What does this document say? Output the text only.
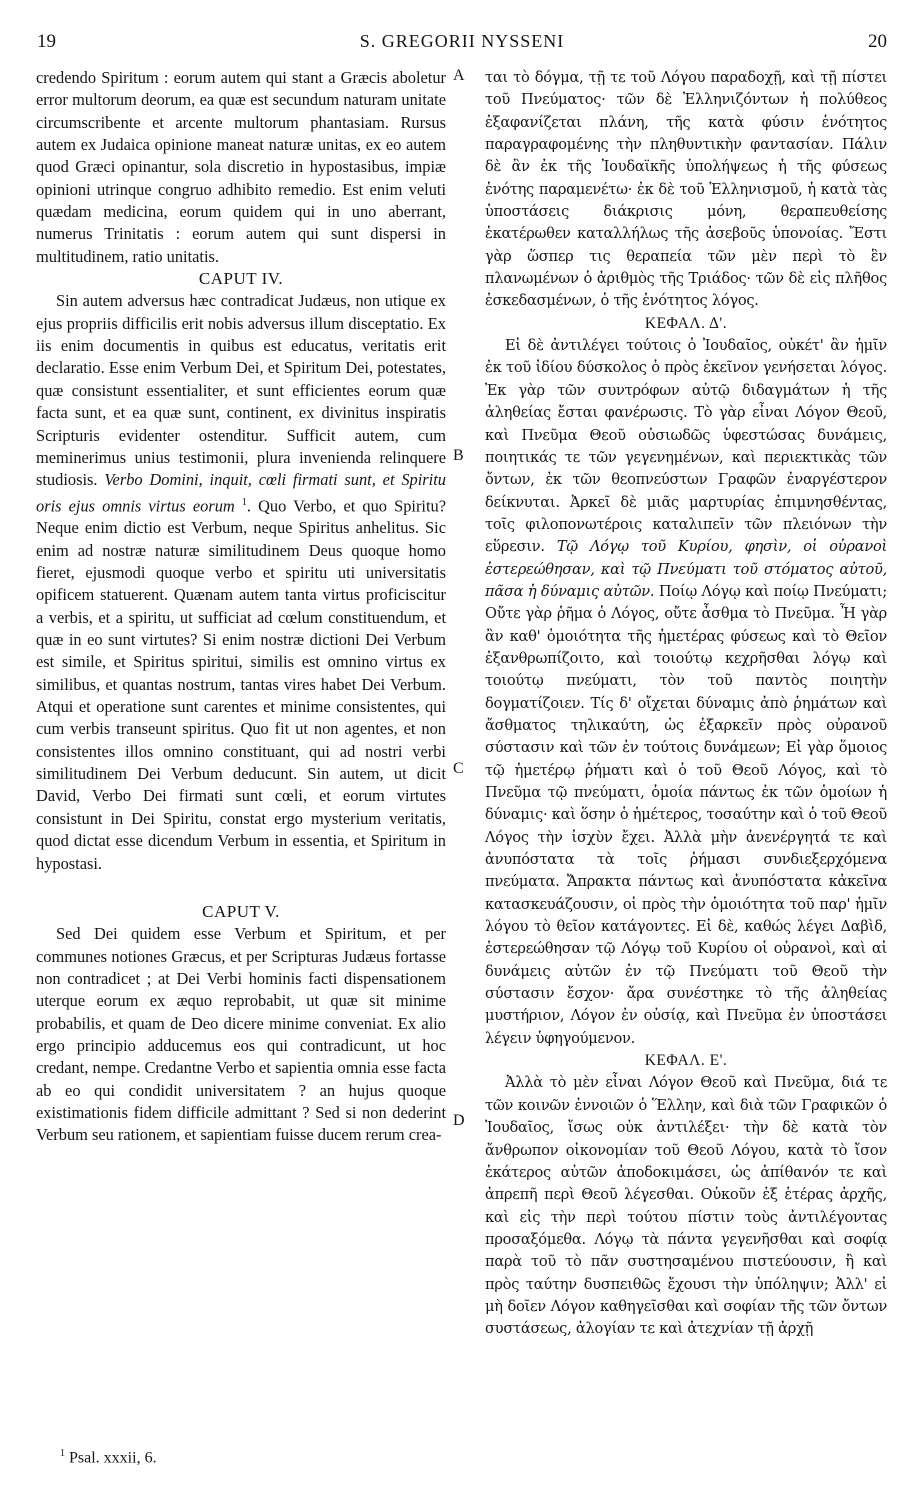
19	S. GREGORII NYSSENI	20

credendo Spiritum : eorum autem qui stant a Græcis aboletur error multorum deorum, ea quæ est secundum naturam unitate circumscribente et arcente multorum phantasiam. Rursus autem ex Judaica opinione maneat naturæ unitas, ex eo autem quod Græci opinantur, sola discretio in hypostasibus, impiæ opinioni utrinque congruo adhibito remedio. Est enim veluti quædam medicina, eorum quidem qui in uno aberrant, numerus Trinitatis : eorum autem qui sunt dispersi in multitudinem, ratio unitatis.

CAPUT IV.

Sin autem adversus hæc contradicat Judæus, non utique ex ejus propriis difficilis erit nobis adversus illum disceptatio. Ex iis enim documentis in quibus est educatus, veritatis erit declaratio. Esse enim Verbum Dei, et Spiritum Dei, potestates, quæ consistunt essentialiter, et sunt efficientes eorum quæ facta sunt, et ea quæ sunt, continent, ex divinitus inspiratis Scripturis evidenter ostenditur. Sufficit autem, cum meminerimus unius testimonii, plura invenienda relinquere studiosis. Verbo Domini, inquit, cœli firmati sunt, et Spiritu oris ejus omnis virtus eorum $^1$. Quo Verbo, et quo Spiritu? Neque enim dictio est Verbum, neque Spiritus anhelitus. Sic enim ad nostræ naturæ similitudinem Deus quoque homo fieret, ejusmodi quoque verbo et spiritu uti universitatis opificem statuerent. Quænam autem tanta virtus proficiscitur a verbis, et a spiritu, ut sufficiat ad cœlum constituendum, et quæ in eo sunt virtutes? Si enim nostræ dictioni Dei Verbum est simile, et Spiritus spiritui, similis est omnino virtus ex similibus, et quantas nostrum, tantas vires habet Dei Verbum. Atqui et operatione sunt carentes et minime consistentes, qui cum verbis transeunt spiritus. Quo fit ut non agentes, et non consistentes illos omnino constituant, qui ad nostri verbi similitudinem Dei Verbum deducunt. Sin autem, ut dicit David, Verbo Dei firmati sunt cœli, et eorum virtutes consistunt in Dei Spiritu, constat ergo mysterium veritatis, quod dictat esse dicendum Verbum in essentia, et Spiritum in hypostasi.

CAPUT V.

Sed Dei quidem esse Verbum et Spiritum, et per communes notiones Græcus, et per Scripturas Judæus fortasse non contradicet ; at Dei Verbi hominis facti dispensationem uterque eorum ex æquo reprobabit, ut quæ sit minime probabilis, et quam de Deo dicere minime conveniat. Ex alio ergo principio adducemus eos qui contradicunt, ut hoc credant, nempe. Credantne Verbo et sapientia omnia esse facta ab eo qui condidit universitatem ? an hujus quoque existimationis fidem difficile admittant ? Sed si non dederint Verbum seu rationem, et sapientiam fuisse ducem rerum crea-

A
B
C
D

ται τὸ δόγμα, τῇ τε τοῦ Λόγου παραδοχῇ, καὶ τῇ πίστει τοῦ Πνεύματος· τῶν δὲ Ἑλληνιζόντων ἡ πολύθεος ἐξαφανίζεται πλάνη, τῆς κατὰ φύσιν ἑνότητος παραγραφομένης τὴν πληθυντικὴν φαντασίαν. Πάλιν δὲ ἂν ἐκ τῆς Ἰουδαϊκῆς ὑπολήψεως ἡ τῆς φύσεως ἑνότης παραμενέτω· ἐκ δὲ τοῦ Ἑλληνισμοῦ, ἡ κατὰ τὰς ὑποστάσεις διάκρισις μόνη, θεραπευθείσης ἑκατέρωθεν καταλλήλως τῆς ἀσεβοῦς ὑπονοίας. Ἔστι γὰρ ὥσπερ τις θεραπεία τῶν μὲν περὶ τὸ ἓν πλανωμένων ὁ ἀριθμὸς τῆς Τριάδος· τῶν δὲ εἰς πλῆθος ἐσκεδασμένων, ὁ τῆς ἑνότητος λόγος.

ΚΕΦΑΛ. Δ'.

Εἰ δὲ ἀντιλέγει τούτοις ὁ Ἰουδαῖος, οὐκέτ' ἂν ἡμῖν ἐκ τοῦ ἰδίου δύσκολος ὁ πρὸς ἐκεῖνον γενήσεται λόγος. Ἐκ γὰρ τῶν συντρόφων αὐτῷ διδαγμάτων ἡ τῆς ἀληθείας ἔσται φανέρωσις. Τὸ γὰρ εἶναι Λόγον Θεοῦ, καὶ Πνεῦμα Θεοῦ οὐσιωδῶς ὑφεστώσας δυνάμεις, ποιητικάς τε τῶν γεγενημένων, καὶ περιεκτικὰς τῶν ὄντων, ἐκ τῶν θεοπνεύστων Γραφῶν ἐναργέστερον δείκνυται. Ἀρκεῖ δὲ μιᾶς μαρτυρίας ἐπιμνησθέντας, τοῖς φιλοπονωτέροις καταλιπεῖν τῶν πλειόνων τὴν εὕρεσιν. Τῷ Λόγῳ τοῦ Κυρίου, φησὶν, οἱ οὐρανοὶ ἐστερεώθησαν, καὶ τῷ Πνεύματι τοῦ στόματος αὐτοῦ, πᾶσα ἡ δύναμις αὐτῶν. Ποίῳ Λόγῳ καὶ ποίῳ Πνεύματι; Οὔτε γὰρ ῥῆμα ὁ Λόγος, οὔτε ἆσθμα τὸ Πνεῦμα. Ἦ γὰρ ἂν καθ' ὁμοιότητα τῆς ἡμετέρας φύσεως καὶ τὸ Θεῖον ἐξανθρωπίζοιτο, καὶ τοιούτῳ κεχρῆσθαι λόγῳ καὶ τοιούτῳ πνεύματι, τὸν τοῦ παντὸς ποιητὴν δογματίζοιεν. Τίς δ' οἴχεται δύναμις ἀπὸ ῥημάτων καὶ ἄσθματος τηλικαύτη, ὡς ἐξαρκεῖν πρὸς οὐρανοῦ σύστασιν καὶ τῶν ἐν τούτοις δυνάμεων; Εἰ γὰρ ὅμοιος τῷ ἡμετέρῳ ῥήματι καὶ ὁ τοῦ Θεοῦ Λόγος, καὶ τὸ Πνεῦμα τῷ πνεύματι, ὁμοία πάντως ἐκ τῶν ὁμοίων ἡ δύναμις· καὶ ὅσην ὁ ἡμέτερος, τοσαύτην καὶ ὁ τοῦ Θεοῦ Λόγος τὴν ἰσχὺν ἔχει. Ἀλλὰ μὴν ἀνενέργητά τε καὶ ἀνυπόστατα τὰ τοῖς ῥήμασι συνδιεξερχόμενα πνεύματα. Ἄπρακτα πάντως καὶ ἀνυπόστατα κἀκεῖνα κατασκευάζουσιν, οἱ πρὸς τὴν ὁμοιότητα τοῦ παρ' ἡμῖν λόγου τὸ θεῖον κατάγοντες. Εἰ δὲ, καθώς λέγει Δαβὶδ, ἐστερεώθησαν τῷ Λόγῳ τοῦ Κυρίου οἱ οὐρανοὶ, καὶ αἱ δυνάμεις αὐτῶν ἐν τῷ Πνεύματι τοῦ Θεοῦ τὴν σύστασιν ἔσχον· ἄρα συνέστηκε τὸ τῆς ἀληθείας μυστήριον, Λόγον ἐν οὐσίᾳ, καὶ Πνεῦμα ἐν ὑποστάσει λέγειν ὑφηγούμενον.

ΚΕΦΑΛ. Ε'.

Ἀλλὰ τὸ μὲν εἶναι Λόγον Θεοῦ καὶ Πνεῦμα, διά τε τῶν κοινῶν ἐννοιῶν ὁ Ἕλλην, καὶ διὰ τῶν Γραφικῶν ὁ Ἰουδαῖος, ἴσως οὐκ ἀντιλέξει· τὴν δὲ κατὰ τὸν ἄνθρωπον οἰκονομίαν τοῦ Θεοῦ Λόγου, κατὰ τὸ ἴσον ἑκάτερος αὐτῶν ἀποδοκιμάσει, ὡς ἀπίθανόν τε καὶ ἀπρεπῆ περὶ Θεοῦ λέγεσθαι. Οὐκοῦν ἐξ ἑτέρας ἀρχῆς, καὶ εἰς τὴν περὶ τούτου πίστιν τοὺς ἀντιλέγοντας προσαξόμεθα. Λόγῳ τὰ πάντα γεγενῆσθαι καὶ σοφίᾳ παρὰ τοῦ τὸ πᾶν συστησαμένου πιστεύουσιν, ἢ καὶ πρὸς ταύτην δυσπειθῶς ἔχουσι τὴν ὑπόληψιν; Ἀλλ' εἰ μὴ δοῖεν Λόγον καθηγεῖσθαι καὶ σοφίαν τῆς τῶν ὄντων συστάσεως, ἀλογίαν τε καὶ ἀτεχνίαν τῇ ἀρχῇ

$^1$ Psal. xxxii, 6.
